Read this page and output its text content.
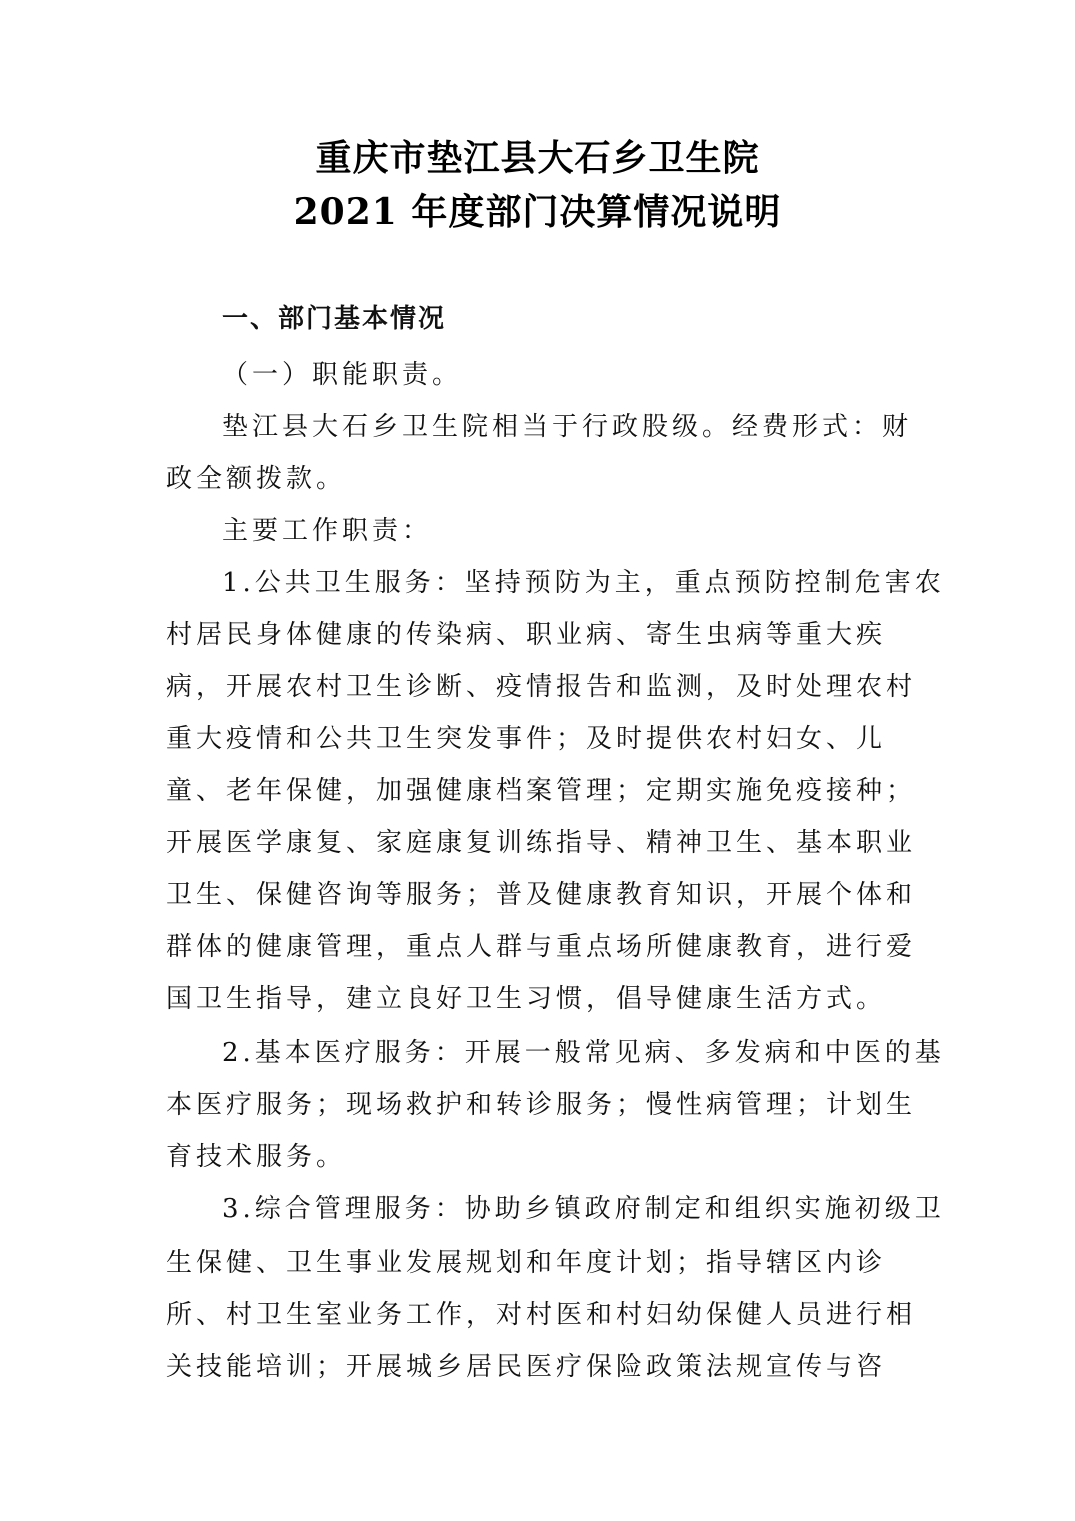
重庆市垫江县大石乡卫生院
2021 年度部门决算情况说明
一、部门基本情况
（一）职能职责。
垫江县大石乡卫生院相当于行政股级。经费形式：财
政全额拨款。
主要工作职责：
1.公共卫生服务：坚持预防为主，重点预防控制危害农
村居民身体健康的传染病、职业病、寄生虫病等重大疾
病，开展农村卫生诊断、疫情报告和监测，及时处理农村
重大疫情和公共卫生突发事件；及时提供农村妇女、儿
童、老年保健，加强健康档案管理；定期实施免疫接种；
开展医学康复、家庭康复训练指导、精神卫生、基本职业
卫生、保健咨询等服务；普及健康教育知识，开展个体和
群体的健康管理，重点人群与重点场所健康教育，进行爱
国卫生指导，建立良好卫生习惯，倡导健康生活方式。
2.基本医疗服务：开展一般常见病、多发病和中医的基
本医疗服务；现场救护和转诊服务；慢性病管理；计划生
育技术服务。
3.综合管理服务：协助乡镇政府制定和组织实施初级卫
生保健、卫生事业发展规划和年度计划；指导辖区内诊
所、村卫生室业务工作，对村医和村妇幼保健人员进行相
关技能培训；开展城乡居民医疗保险政策法规宣传与咨
